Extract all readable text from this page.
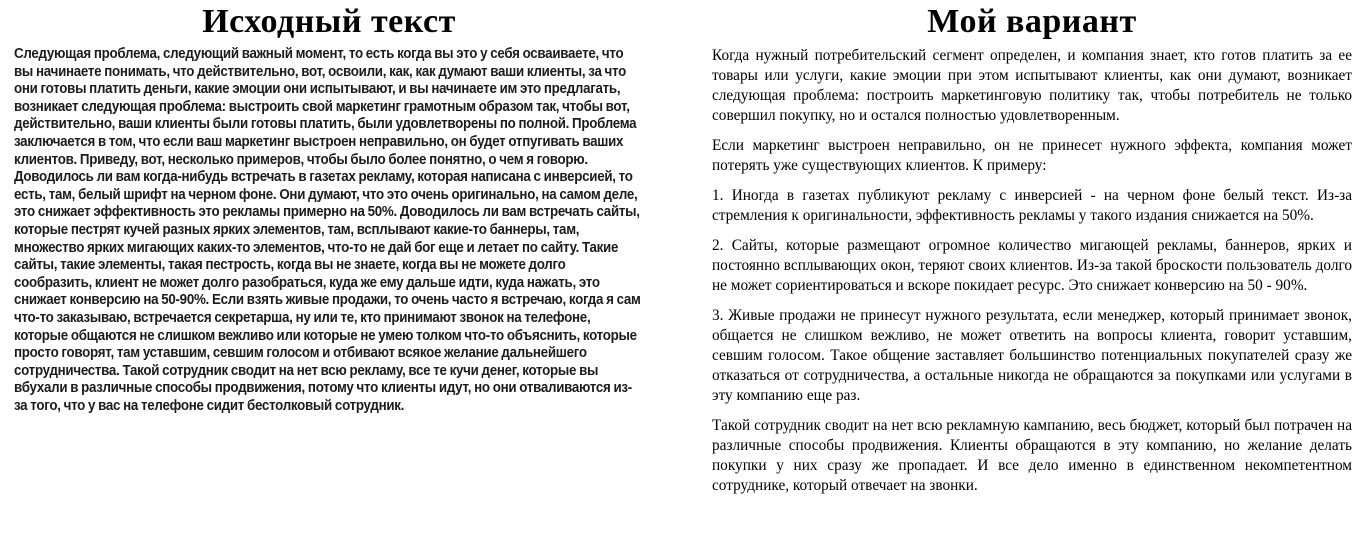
Исходный текст

Следующая проблема, следующий важный момент, то есть когда вы это у себя осваиваете, что вы начинаете понимать, что действительно, вот, освоили, как, как думают ваши клиенты, за что они готовы платить деньги, какие эмоции они испытывают, и вы начинаете им это предлагать, возникает следующая проблема: выстроить свой маркетинг грамотным образом так, чтобы вот, действительно, ваши клиенты были готовы платить, были удовлетворены по полной. Проблема заключается в том, что если ваш маркетинг выстроен неправильно, он будет отпугивать ваших клиентов. Приведу, вот, несколько примеров, чтобы было более понятно, о чем я говорю. Доводилось ли вам когда-нибудь встречать в газетах рекламу, которая написана с инверсией, то есть, там, белый шрифт на черном фоне. Они думают, что это очень оригинально, на самом деле, это снижает эффективность это рекламы примерно на 50%. Доводилось ли вам встречать сайты, которые пестрят кучей разных ярких элементов, там, всплывают какие-то баннеры, там, множество ярких мигающих каких-то элементов, что-то не дай бог еще и летает по сайту. Такие сайты, такие элементы, такая пестрость, когда вы не знаете, когда вы не можете долго сообразить, клиент не может долго разобраться, куда же ему дальше идти, куда нажать, это снижает конверсию на 50-90%. Если взять живые продажи, то очень часто я встречаю, когда я сам что-то заказываю, встречается секретарша, ну или те, кто принимают звонок на телефоне, которые общаются не слишком вежливо или которые не умею толком что-то объяснить, которые просто говорят, там уставшим, севшим голосом и отбивают всякое желание дальнейшего сотрудничества. Такой сотрудник сводит на нет всю рекламу, все те кучи денег, которые вы вбухали в различные способы продвижения, потому что клиенты идут, но они отваливаются из-за того, что у вас на телефоне сидит бестолковый сотрудник.

Мой вариант

Когда нужный потребительский сегмент определен, и компания знает, кто готов платить за ее товары или услуги, какие эмоции при этом испытывают клиенты, как они думают, возникает следующая проблема: построить маркетинговую политику так, чтобы потребитель не только совершил покупку, но и остался полностью удовлетворенным.

Если маркетинг выстроен неправильно, он не принесет нужного эффекта, компания может потерять уже существующих клиентов. К примеру:

1. Иногда в газетах публикуют рекламу с инверсией - на черном фоне белый текст. Из-за стремления к оригинальности, эффективность рекламы у такого издания снижается на 50%.

2. Сайты, которые размещают огромное количество мигающей рекламы, баннеров, ярких и постоянно всплывающих окон, теряют своих клиентов. Из-за такой броскости пользователь долго не может сориентироваться и вскоре покидает ресурс. Это снижает конверсию на 50 - 90%.

3. Живые продажи не принесут нужного результата, если менеджер, который принимает звонок, общается не слишком вежливо, не может ответить на вопросы клиента, говорит уставшим, севшим голосом. Такое общение заставляет большинство потенциальных покупателей сразу же отказаться от сотрудничества, а остальные никогда не обращаются за покупками или услугами в эту компанию еще раз.

Такой сотрудник сводит на нет всю рекламную кампанию, весь бюджет, который был потрачен на различные способы продвижения. Клиенты обращаются в эту компанию, но желание делать покупки у них сразу же пропадает. И все дело именно в единственном некомпетентном сотруднике, который отвечает на звонки.
